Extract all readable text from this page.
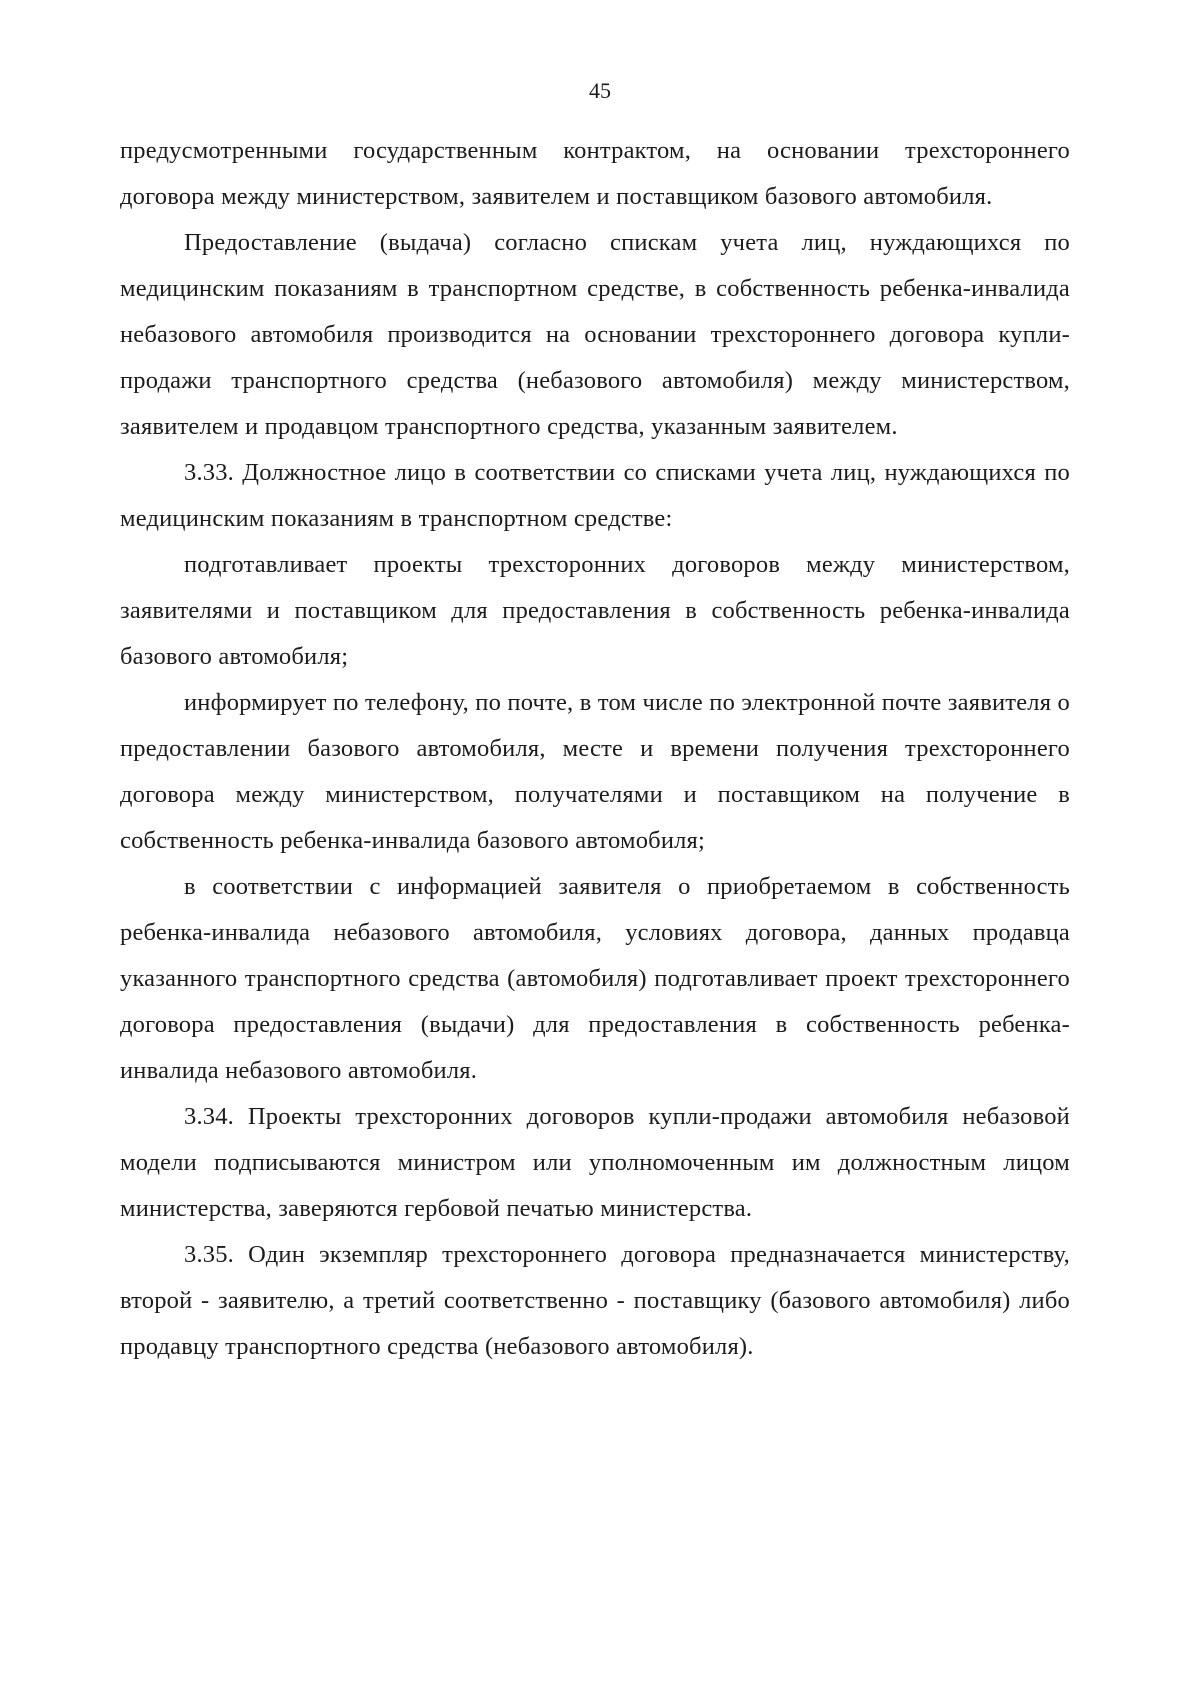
45

предусмотренными государственным контрактом, на основании трехстороннего договора между министерством, заявителем и поставщиком базового автомобиля.

Предоставление (выдача) согласно спискам учета лиц, нуждающихся по медицинским показаниям в транспортном средстве, в собственность ребенка-инвалида небазового автомобиля производится на основании трехстороннего договора купли-продажи транспортного средства (небазового автомобиля) между министерством, заявителем и продавцом транспортного средства, указанным заявителем.

3.33. Должностное лицо в соответствии со списками учета лиц, нуждающихся по медицинским показаниям в транспортном средстве:

подготавливает проекты трехсторонних договоров между министерством, заявителями и поставщиком для предоставления в собственность ребенка-инвалида базового автомобиля;

информирует по телефону, по почте, в том числе по электронной почте заявителя о предоставлении базового автомобиля, месте и времени получения трехстороннего договора между министерством, получателями и поставщиком на получение в собственность ребенка-инвалида базового автомобиля;

в соответствии с информацией заявителя о приобретаемом в собственность ребенка-инвалида небазового автомобиля, условиях договора, данных продавца указанного транспортного средства (автомобиля) подготавливает проект трехстороннего договора предоставления (выдачи) для предоставления в собственность ребенка-инвалида небазового автомобиля.

3.34. Проекты трехсторонних договоров купли-продажи автомобиля небазовой модели подписываются министром или уполномоченным им должностным лицом министерства, заверяются гербовой печатью министерства.

3.35. Один экземпляр трехстороннего договора предназначается министерству, второй - заявителю, а третий соответственно - поставщику (базового автомобиля) либо продавцу транспортного средства (небазового автомобиля).
